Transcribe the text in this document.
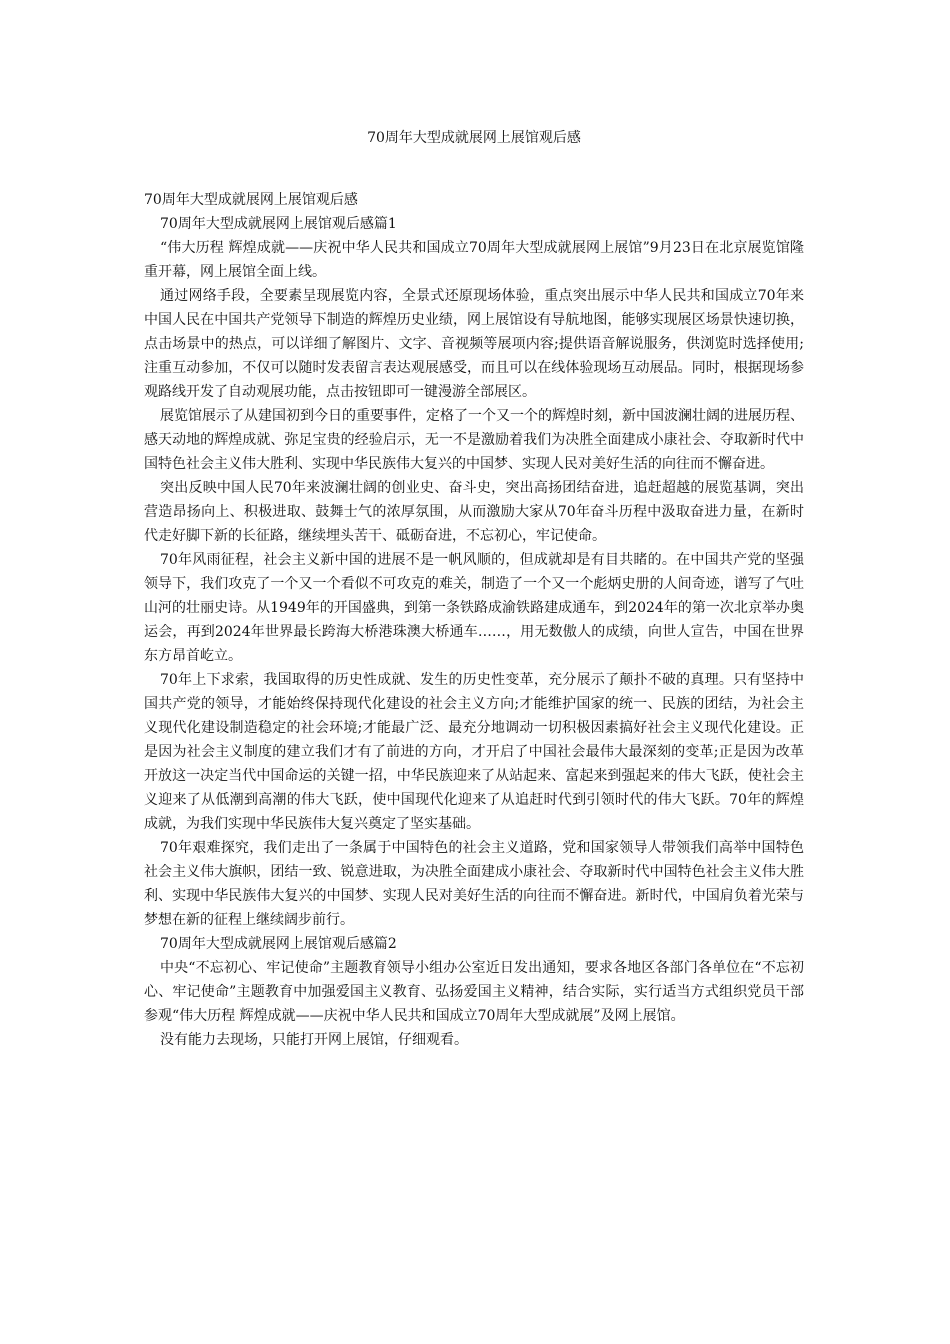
70周年大型成就展网上展馆观后感

70周年大型成就展网上展馆观后感

70周年大型成就展网上展馆观后感篇1

“伟大历程 辉煌成就——庆祝中华人民共和国成立70周年大型成就展网上展馆”9月23日在北京展览馆隆重开幕，网上展馆全面上线。

通过网络手段，全要素呈现展览内容，全景式还原现场体验，重点突出展示中华人民共和国成立70年来中国人民在中国共产党领导下制造的辉煌历史业绩，网上展馆设有导航地图，能够实现展区场景快速切换，点击场景中的热点，可以详细了解图片、文字、音视频等展项内容;提供语音解说服务，供浏览时选择使用;注重互动参加，不仅可以随时发表留言表达观展感受，而且可以在线体验现场互动展品。同时，根据现场参观路线开发了自动观展功能，点击按钮即可一键漫游全部展区。

展览馆展示了从建国初到今日的重要事件，定格了一个又一个的辉煌时刻，新中国波澜壮阔的进展历程、感天动地的辉煌成就、弥足宝贵的经验启示，无一不是激励着我们为决胜全面建成小康社会、夺取新时代中国特色社会主义伟大胜利、实现中华民族伟大复兴的中国梦、实现人民对美好生活的向往而不懈奋进。

突出反映中国人民70年来波澜壮阔的创业史、奋斗史，突出高扬团结奋进，追赶超越的展览基调，突出营造昂扬向上、积极进取、鼓舞士气的浓厚氛围，从而激励大家从70年奋斗历程中汲取奋进力量，在新时代走好脚下新的长征路，继续埋头苦干、砥砺奋进，不忘初心，牢记使命。

70年风雨征程，社会主义新中国的进展不是一帆风顺的，但成就却是有目共睹的。在中国共产党的坚强领导下，我们攻克了一个又一个看似不可攻克的难关，制造了一个又一个彪炳史册的人间奇迹，谱写了气吐山河的壮丽史诗。从1949年的开国盛典，到第一条铁路成渝铁路建成通车，到2024年的第一次北京举办奥运会，再到2024年世界最长跨海大桥港珠澳大桥通车……，用无数傲人的成绩，向世人宣告，中国在世界东方昂首屹立。

70年上下求索，我国取得的历史性成就、发生的历史性变革，充分展示了颠扑不破的真理。只有坚持中国共产党的领导，才能始终保持现代化建设的社会主义方向;才能维护国家的统一、民族的团结，为社会主义现代化建设制造稳定的社会环境;才能最广泛、最充分地调动一切积极因素搞好社会主义现代化建设。正是因为社会主义制度的建立我们才有了前进的方向，才开启了中国社会最伟大最深刻的变革;正是因为改革开放这一决定当代中国命运的关键一招，中华民族迎来了从站起来、富起来到强起来的伟大飞跃，使社会主义迎来了从低潮到高潮的伟大飞跃，使中国现代化迎来了从追赶时代到引领时代的伟大飞跃。70年的辉煌成就，为我们实现中华民族伟大复兴奠定了坚实基础。

70年艰难探究，我们走出了一条属于中国特色的社会主义道路，党和国家领导人带领我们高举中国特色社会主义伟大旗帜，团结一致、锐意进取，为决胜全面建成小康社会、夺取新时代中国特色社会主义伟大胜利、实现中华民族伟大复兴的中国梦、实现人民对美好生活的向往而不懈奋进。新时代，中国肩负着光荣与梦想在新的征程上继续阔步前行。

70周年大型成就展网上展馆观后感篇2

中央“不忘初心、牢记使命”主题教育领导小组办公室近日发出通知，要求各地区各部门各单位在“不忘初心、牢记使命”主题教育中加强爱国主义教育、弘扬爱国主义精神，结合实际，实行适当方式组织党员干部参观“伟大历程 辉煌成就——庆祝中华人民共和国成立70周年大型成就展”及网上展馆。

没有能力去现场，只能打开网上展馆，仔细观看。
